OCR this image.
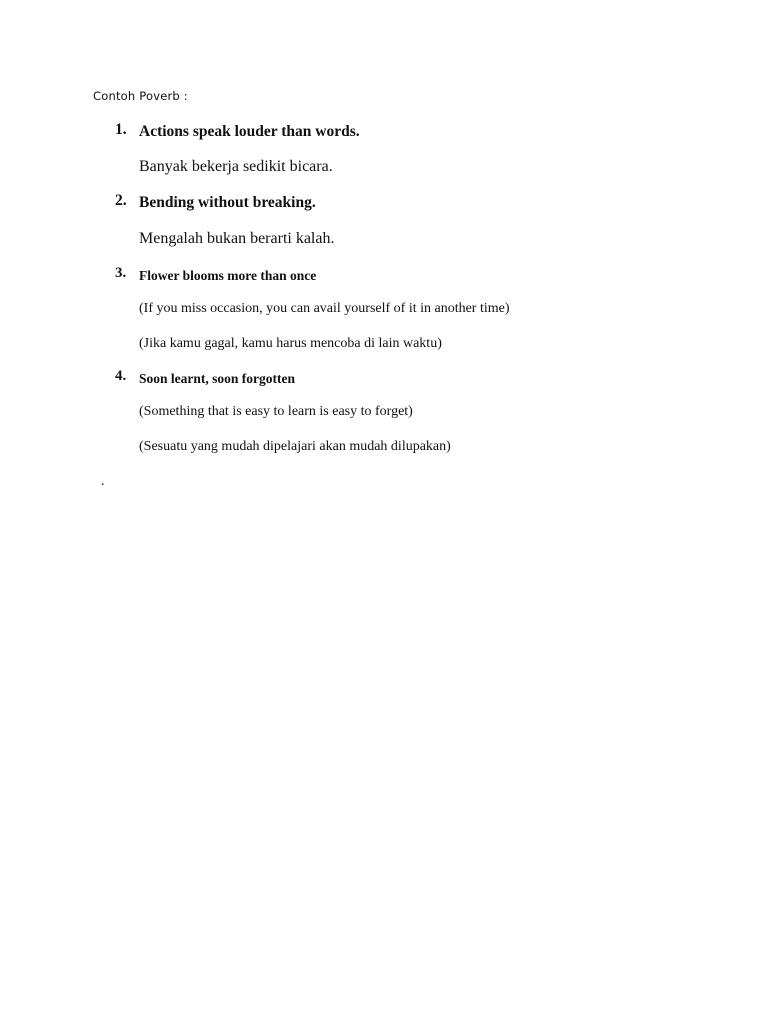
Contoh Poverb :
1. Actions speak louder than words.
Banyak bekerja sedikit bicara.
2. Bending without breaking.
Mengalah bukan berarti kalah.
3. Flower blooms more than once
(If you miss occasion, you can avail yourself of it in another time)
(Jika kamu gagal, kamu harus mencoba di lain waktu)
4. Soon learnt, soon forgotten
(Something that is easy to learn is easy to forget)
(Sesuatu yang mudah dipelajari akan mudah dilupakan)
.
